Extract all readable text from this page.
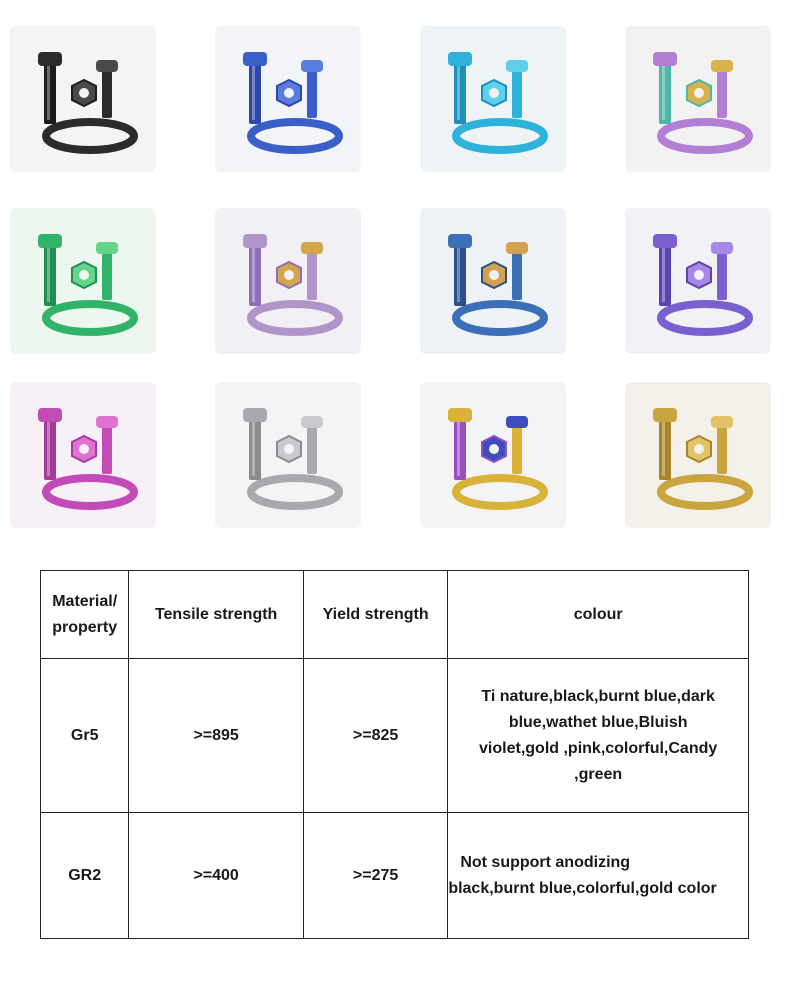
Material/
property	Tensile strength	Yield strength	colour
Gr5	>=895	>=825	Ti nature,black,burnt blue,dark
blue,wathet blue,Bluish
violet,gold ,pink,colorful,Candy
,green
GR2	>=400	>=275	Not support anodizing
black,burnt blue,colorful,gold color
